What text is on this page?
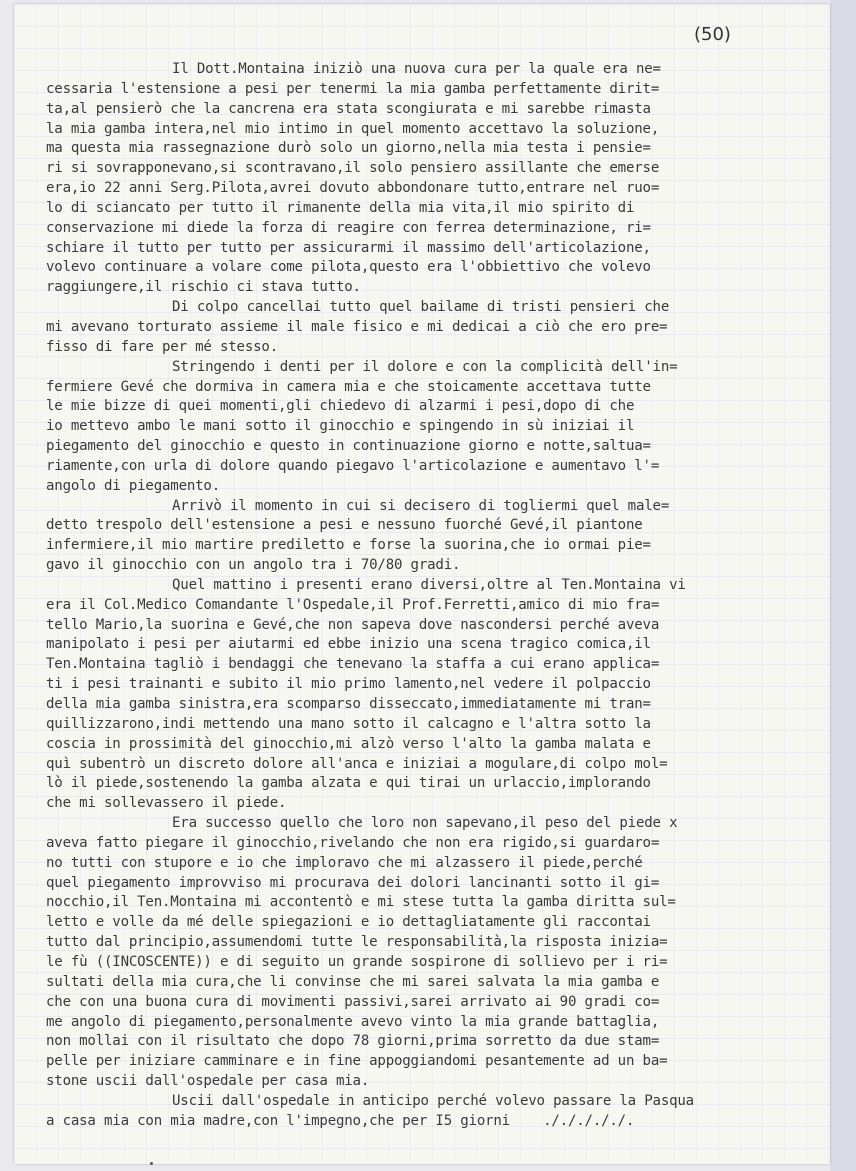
(50)
Il Dott.Montaina iniziò una nuova cura per la quale era ne=
cessaria l'estensione a pesi per tenermi la mia gamba perfettamente dirit=
ta,al pensierò che la cancrena era stata scongiurata e mi sarebbe rimasta
la mia gamba intera,nel mio intimo in quel momento accettavo la soluzione,
ma questa mia rassegnazione durò solo un giorno,nella mia testa i pensie=
ri si sovrapponevano,si scontravano,il solo pensiero assillante che emerse
era,io 22 anni Serg.Pilota,avrei dovuto abbondonare tutto,entrare nel ruo=
lo di sciancato per tutto il rimanente della mia vita,il mio spirito di
conservazione mi diede la forza di reagire con ferrea determinazione, ri=
schiare il tutto per tutto per assicurarmi il massimo dell'articolazione,
volevo continuare a volare come pilota,questo era l'obbiettivo che volevo
raggiungere,il rischio ci stava tutto.
Di colpo cancellai tutto quel bailame di tristi pensieri che
mi avevano torturato assieme il male fisico e mi dedicai a ciò che ero pre=
fisso di fare per mé stesso.
Stringendo i denti per il dolore e con la complicità dell'in=
fermiere Gevé che dormiva in camera mia e che stoicamente accettava tutte
le mie bizze di quei momenti,gli chiedevo di alzarmi i pesi,dopo di che
io mettevo ambo le mani sotto il ginocchio e spingendo in sù iniziai il
piegamento del ginocchio e questo in continuazione giorno e notte,saltua=
riamente,con urla di dolore quando piegavo l'articolazione e aumentavo l'=
angolo di piegamento.
Arrivò il momento in cui si decisero di togliermi quel male=
detto trespolo dell'estensione a pesi e nessuno fuorché Gevé,il piantone
infermiere,il mio martire prediletto e forse la suorina,che io ormai pie=
gavo il ginocchio con un angolo tra i 70/80 gradi.
Quel mattino i presenti erano diversi,oltre al Ten.Montaina vi
era il Col.Medico Comandante l'Ospedale,il Prof.Ferretti,amico di mio fra=
tello Mario,la suorina e Gevé,che non sapeva dove nascondersi perché aveva
manipolato i pesi per aiutarmi ed ebbe inizio una scena tragico comica,il
Ten.Montaina tagliò i bendaggi che tenevano la staffa a cui erano applica=
ti i pesi trainanti e subito il mio primo lamento,nel vedere il polpaccio
della mia gamba sinistra,era scomparso disseccato,immediatamente mi tran=
quillizzarono,indi mettendo una mano sotto il calcagno e l'altra sotto la
coscia in prossimità del ginocchio,mi alzò verso l'alto la gamba malata e
quì subentrò un discreto dolore all'anca e iniziai a mogulare,di colpo mol=
lò il piede,sostenendo la gamba alzata e qui tirai un urlaccio,implorando
che mi sollevassero il piede.
Era successo quello che loro non sapevano,il peso del piede x
aveva fatto piegare il ginocchio,rivelando che non era rigido,si guardaro=
no tutti con stupore e io che imploravo che mi alzassero il piede,perché
quel piegamento improvviso mi procurava dei dolori lancinanti sotto il gi=
nocchio,il Ten.Montaina mi accontentò e mi stese tutta la gamba diritta sul=
letto e volle da mé delle spiegazioni e io dettagliatamente gli raccontai
tutto dal principio,assumendomi tutte le responsabilità,la risposta inizia=
le fù ((INCOSCENTE)) e di seguito un grande sospirone di sollievo per i ri=
sultati della mia cura,che li convinse che mi sarei salvata la mia gamba e
che con una buona cura di movimenti passivi,sarei arrivato ai 90 gradi co=
me angolo di piegamento,personalmente avevo vinto la mia grande battaglia,
non mollai con il risultato che dopo 78 giorni,prima sorretto da due stam=
pelle per iniziare camminare e in fine appoggiandomi pesantemente ad un ba=
stone uscii dall'ospedale per casa mia.
Uscii dall'ospedale in anticipo perché volevo passare la Pasqua
a casa mia con mia madre,con l'impegno,che per I5 giorni    ./././././.
